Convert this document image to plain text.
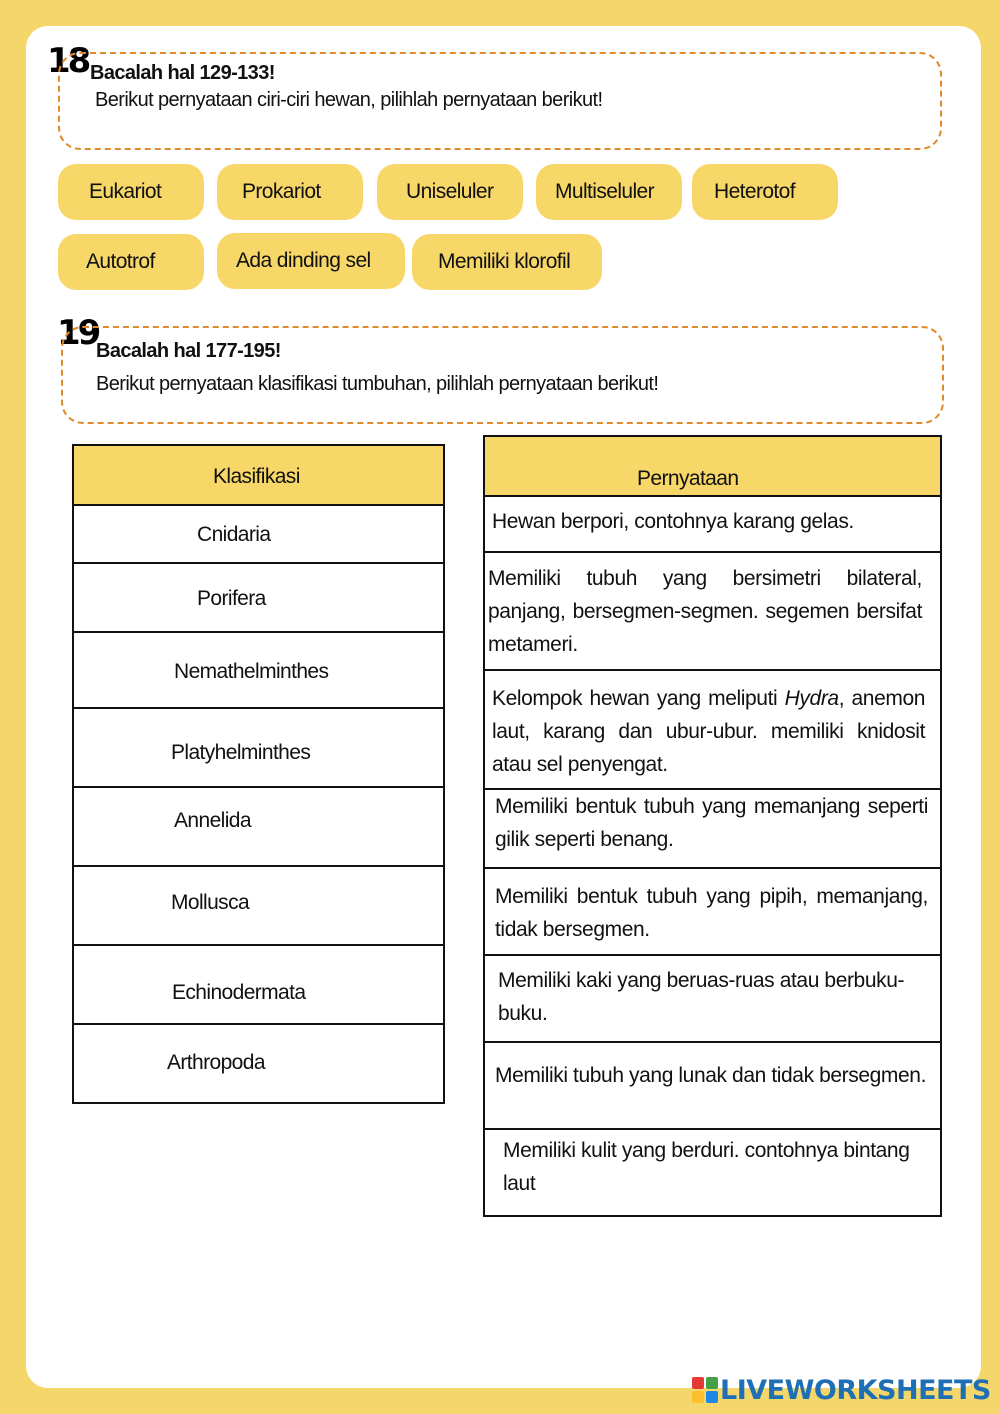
18 Bacalah hal 129-133!
Berikut pernyataan ciri-ciri hewan, pilihlah pernyataan berikut!
Eukariot	Prokariot	Uniseluler	Multiseluler	Heterotof
Autotrof	Ada dinding sel	Memiliki klorofil
19
Bacalah hal 177-195!
Berikut pernyataan klasifikasi tumbuhan, pilihlah pernyataan berikut!
Klasifikasi
Cnidaria
Porifera
Nemathelminthes
Platyhelminthes
Annelida
Mollusca
Echinodermata
Arthropoda
Pernyataan
Hewan berpori, contohnya karang gelas.
Memiliki tubuh yang bersimetri bilateral, panjang, bersegmen-segmen. segemen bersifat metameri.
Kelompok hewan yang meliputi Hydra, anemon laut, karang dan ubur-ubur. memiliki knidosit atau sel penyengat.
Memiliki bentuk tubuh yang memanjang seperti gilik seperti benang.
Memiliki bentuk tubuh yang pipih, memanjang, tidak bersegmen.
Memiliki kaki yang beruas-ruas atau berbuku-buku.
Memiliki tubuh yang lunak dan tidak bersegmen.
Memiliki kulit yang berduri. contohnya bintang laut
LIVEWORKSHEETS
